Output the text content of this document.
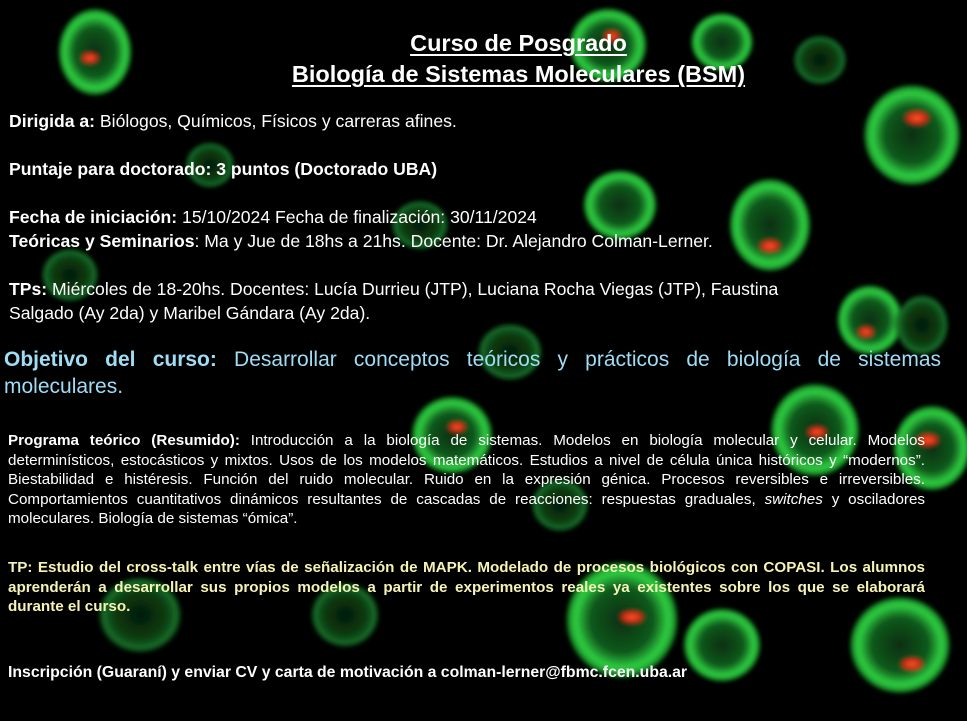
Curso de Posgrado
Biología de Sistemas Moleculares (BSM)
Dirigida a: Biólogos, Químicos, Físicos y carreras afines.
Puntaje para doctorado: 3 puntos (Doctorado UBA)
Fecha de iniciación: 15/10/2024 Fecha de finalización: 30/11/2024
Teóricas y Seminarios: Ma y Jue de 18hs a 21hs. Docente: Dr. Alejandro Colman-Lerner.
TPs: Miércoles de 18-20hs. Docentes: Lucía Durrieu (JTP), Luciana Rocha Viegas (JTP), Faustina
Salgado (Ay 2da) y Maribel Gándara (Ay 2da).
Objetivo del curso: Desarrollar conceptos teóricos y prácticos de biología de sistemas moleculares.
Programa teórico (Resumido): Introducción a la biología de sistemas. Modelos en biología molecular y celular. Modelos determinísticos, estocásticos y mixtos. Usos de los modelos matemáticos. Estudios a nivel de célula única históricos y “modernos”. Biestabilidad e histéresis. Función del ruido molecular. Ruido en la expresión génica. Procesos reversibles e irreversibles. Comportamientos cuantitativos dinámicos resultantes de cascadas de reacciones: respuestas graduales, switches y osciladores moleculares. Biología de sistemas “ómica”.
TP: Estudio del cross-talk entre vías de señalización de MAPK. Modelado de procesos biológicos con COPASI. Los alumnos aprenderán a desarrollar sus propios modelos a partir de experimentos reales ya existentes sobre los que se elaborará durante el curso.
Inscripción (Guaraní) y enviar CV y carta de motivación a colman-lerner@fbmc.fcen.uba.ar
